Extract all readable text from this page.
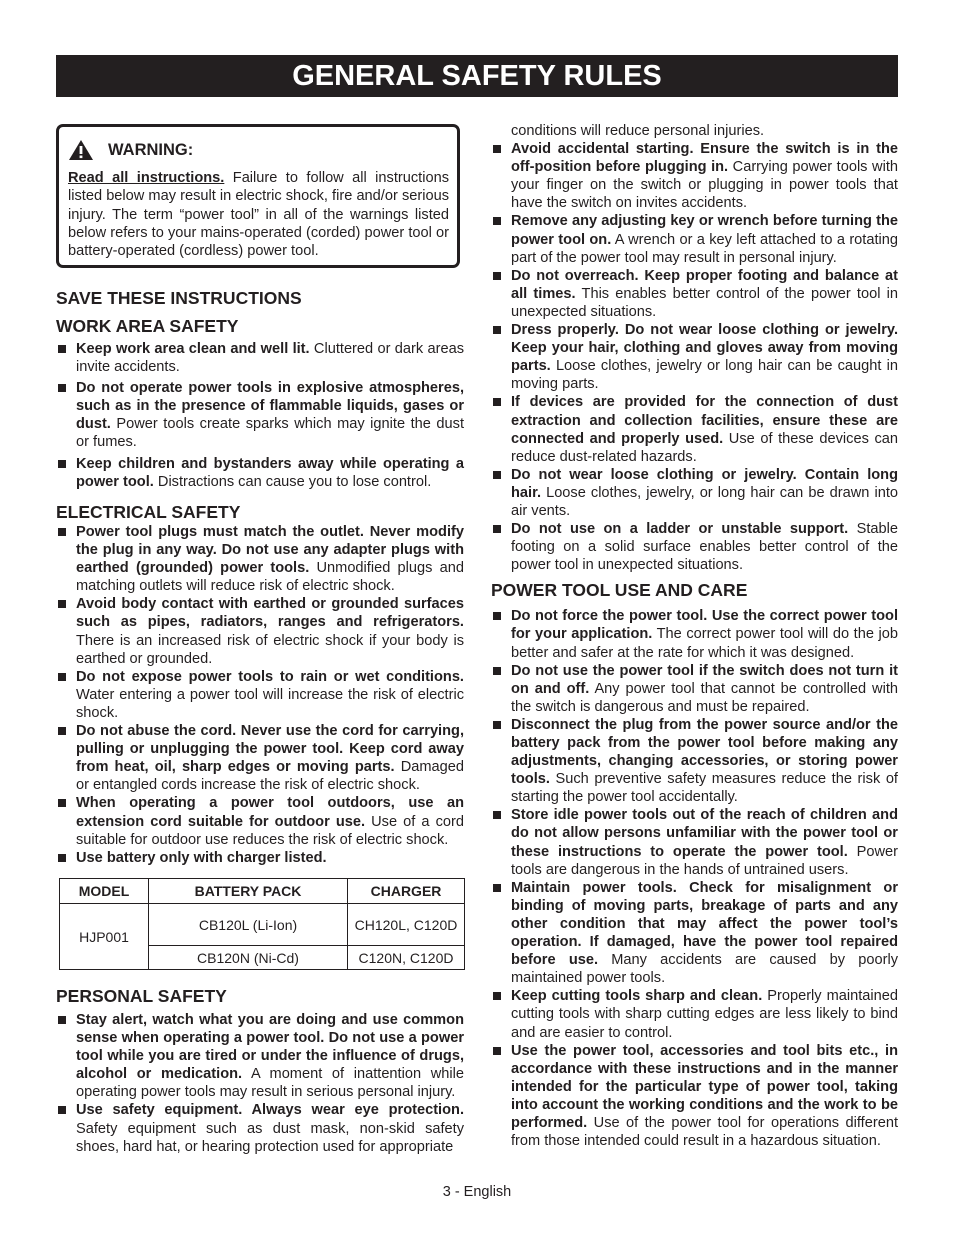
GENERAL SAFETY RULES
WARNING:
Read all instructions. Failure to follow all instructions listed below may result in electric shock, fire and/or serious injury. The term “power tool” in all of the warnings listed below refers to your mains-operated (corded) power tool or battery-operated (cordless) power tool.
SAVE THESE INSTRUCTIONS
WORK AREA SAFETY
Keep work area clean and well lit. Cluttered or dark areas invite accidents.
Do not operate power tools in explosive atmospheres, such as in the presence of flammable liquids, gases or dust. Power tools create sparks which may ignite the dust or fumes.
Keep children and bystanders away while operating a power tool. Distractions can cause you to lose control.
ELECTRICAL SAFETY
Power tool plugs must match the outlet. Never modify the plug in any way. Do not use any adapter plugs with earthed (grounded) power tools. Unmodified plugs and matching outlets will reduce risk of electric shock.
Avoid body contact with earthed or grounded surfaces such as pipes, radiators, ranges and refrigerators. There is an increased risk of electric shock if your body is earthed or grounded.
Do not expose power tools to rain or wet conditions. Water entering a power tool will increase the risk of electric shock.
Do not abuse the cord. Never use the cord for carrying, pulling or unplugging the power tool. Keep cord away from heat, oil, sharp edges or moving parts. Damaged or entangled cords increase the risk of electric shock.
When operating a power tool outdoors, use an extension cord suitable for outdoor use. Use of a cord suitable for outdoor use reduces the risk of electric shock.
Use battery only with charger listed.
MODEL	BATTERY PACK	CHARGER
HJP001	CB120L (Li-Ion)	CH120L, C120D
	CB120N (Ni-Cd)	C120N, C120D
PERSONAL SAFETY
Stay alert, watch what you are doing and use common sense when operating a power tool. Do not use a power tool while you are tired or under the influence of drugs, alcohol or medication. A moment of inattention while operating power tools may result in serious personal injury.
Use safety equipment. Always wear eye protection. Safety equipment such as dust mask, non-skid safety shoes, hard hat, or hearing protection used for appropriate
conditions will reduce personal injuries.
Avoid accidental starting. Ensure the switch is in the off-position before plugging in. Carrying power tools with your finger on the switch or plugging in power tools that have the switch on invites accidents.
Remove any adjusting key or wrench before turning the power tool on. A wrench or a key left attached to a rotating part of the power tool may result in personal injury.
Do not overreach. Keep proper footing and balance at all times. This enables better control of the power tool in unexpected situations.
Dress properly. Do not wear loose clothing or jewelry. Keep your hair, clothing and gloves away from moving parts. Loose clothes, jewelry or long hair can be caught in moving parts.
If devices are provided for the connection of dust extraction and collection facilities, ensure these are connected and properly used. Use of these devices can reduce dust-related hazards.
Do not wear loose clothing or jewelry. Contain long hair. Loose clothes, jewelry, or long hair can be drawn into air vents.
Do not use on a ladder or unstable support. Stable footing on a solid surface enables better control of the power tool in unexpected situations.
POWER TOOL USE AND CARE
Do not force the power tool. Use the correct power tool for your application. The correct power tool will do the job better and safer at the rate for which it was designed.
Do not use the power tool if the switch does not turn it on and off. Any power tool that cannot be controlled with the switch is dangerous and must be repaired.
Disconnect the plug from the power source and/or the battery pack from the power tool before making any adjustments, changing accessories, or storing power tools. Such preventive safety measures reduce the risk of starting the power tool accidentally.
Store idle power tools out of the reach of children and do not allow persons unfamiliar with the power tool or these instructions to operate the power tool. Power tools are dangerous in the hands of untrained users.
Maintain power tools. Check for misalignment or binding of moving parts, breakage of parts and any other condition that may affect the power tool’s operation. If damaged, have the power tool repaired before use. Many accidents are caused by poorly maintained power tools.
Keep cutting tools sharp and clean. Properly maintained cutting tools with sharp cutting edges are less likely to bind and are easier to control.
Use the power tool, accessories and tool bits etc., in accordance with these instructions and in the manner intended for the particular type of power tool, taking into account the working conditions and the work to be performed. Use of the power tool for operations different from those intended could result in a hazardous situation.
3 - English
